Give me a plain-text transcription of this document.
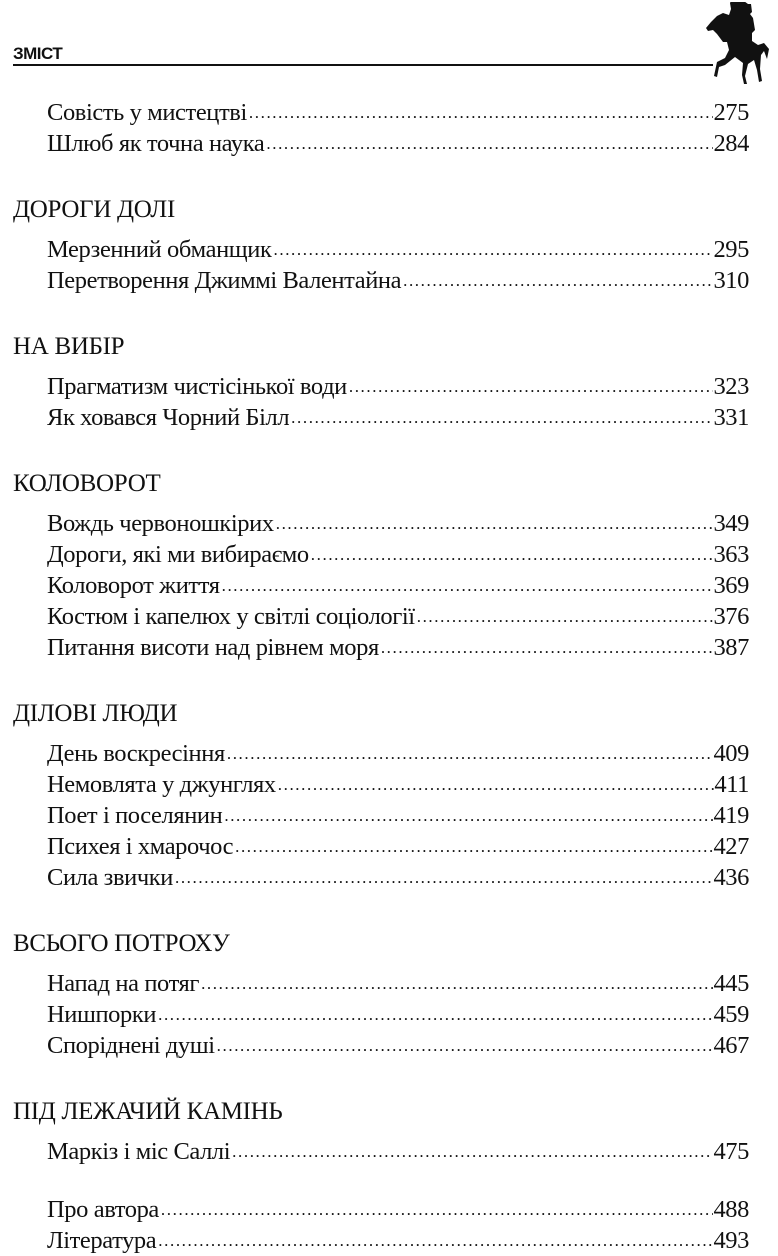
ЗМІСТ
Совість у мистецтві .....	275
Шлюб як точна наука .....	284
ДОРОГИ ДОЛІ
Мерзенний обманщик .....	295
Перетворення Джиммі Валентайна .....	310
НА ВИБІР
Прагматизм чистісінької води .....	323
Як ховався Чорний Білл .....	331
КОЛОВОРОТ
Вождь червоношкірих .....	349
Дороги, які ми вибираємо .....	363
Коловорот життя .....	369
Костюм і капелюх у світлі соціології .....	376
Питання висоти над рівнем моря .....	387
ДІЛОВІ ЛЮДИ
День воскресіння .....	409
Немовлята у джунглях .....	411
Поет і поселянин .....	419
Психея і хмарочос .....	427
Сила звички .....	436
ВСЬОГО ПОТРОХУ
Напад на потяг .....	445
Нишпорки .....	459
Споріднені душі .....	467
ПІД ЛЕЖАЧИЙ КАМІНЬ
Маркіз і міс Саллі .....	475
Про автора .....	488
Література .....	493
